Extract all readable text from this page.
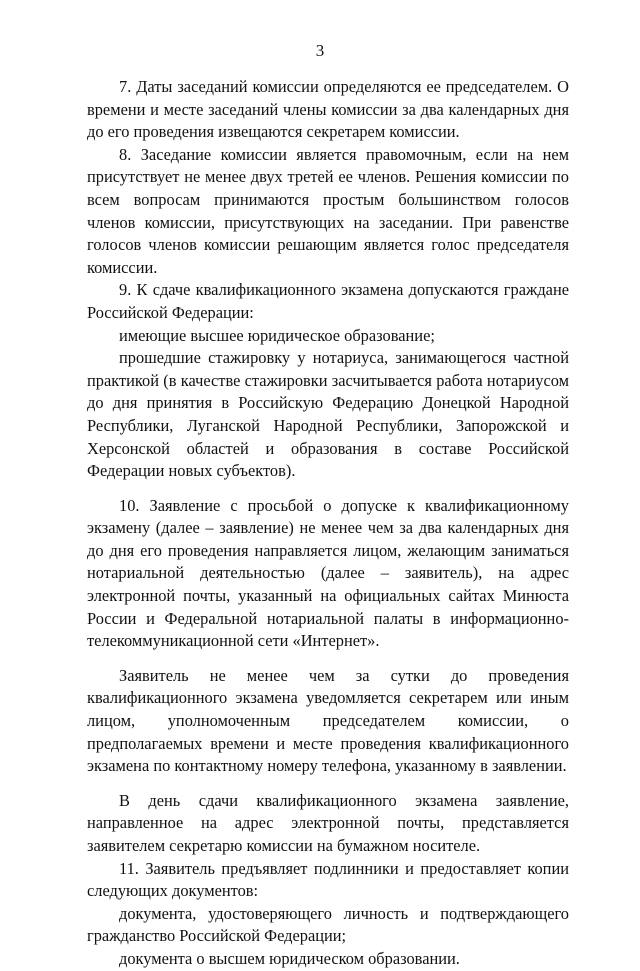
3

7. Даты заседаний комиссии определяются ее председателем. О времени и месте заседаний члены комиссии за два календарных дня до его проведения извещаются секретарем комиссии.

8. Заседание комиссии является правомочным, если на нем присутствует не менее двух третей ее членов. Решения комиссии по всем вопросам принимаются простым большинством голосов членов комиссии, присутствующих на заседании. При равенстве голосов членов комиссии решающим является голос председателя комиссии.

9. К сдаче квалификационного экзамена допускаются граждане Российской Федерации:

имеющие высшее юридическое образование;

прошедшие стажировку у нотариуса, занимающегося частной практикой (в качестве стажировки засчитывается работа нотариусом до дня принятия в Российскую Федерацию Донецкой Народной Республики, Луганской Народной Республики, Запорожской и Херсонской областей и образования в составе Российской Федерации новых субъектов).

10. Заявление с просьбой о допуске к квалификационному экзамену (далее – заявление) не менее чем за два календарных дня до дня его проведения направляется лицом, желающим заниматься нотариальной деятельностью (далее – заявитель), на адрес электронной почты, указанный на официальных сайтах Минюста России и Федеральной нотариальной палаты в информационно-телекоммуникационной сети «Интернет».

Заявитель не менее чем за сутки до проведения квалификационного экзамена уведомляется секретарем или иным лицом, уполномоченным председателем комиссии, о предполагаемых времени и месте проведения квалификационного экзамена по контактному номеру телефона, указанному в заявлении.

В день сдачи квалификационного экзамена заявление, направленное на адрес электронной почты, представляется заявителем секретарю комиссии на бумажном носителе.

11. Заявитель предъявляет подлинники и предоставляет копии следующих документов:

документа, удостоверяющего личность и подтверждающего гражданство Российской Федерации;

документа о высшем юридическом образовании.
